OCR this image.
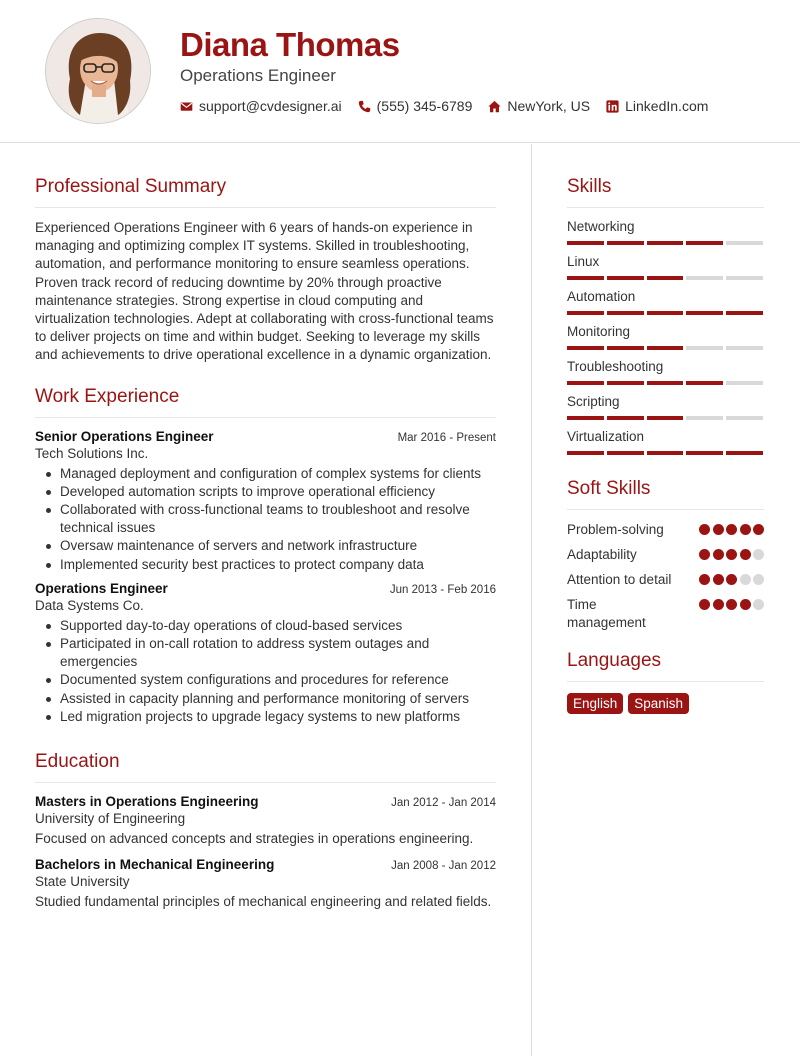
Diana Thomas
Operations Engineer
support@cvdesigner.ai	(555) 345-6789	NewYork, US	LinkedIn.com
Professional Summary
Experienced Operations Engineer with 6 years of hands-on experience in managing and optimizing complex IT systems. Skilled in troubleshooting, automation, and performance monitoring to ensure seamless operations. Proven track record of reducing downtime by 20% through proactive maintenance strategies. Strong expertise in cloud computing and virtualization technologies. Adept at collaborating with cross-functional teams to deliver projects on time and within budget. Seeking to leverage my skills and achievements to drive operational excellence in a dynamic organization.
Work Experience
Senior Operations Engineer	Mar 2016 - Present
Tech Solutions Inc.
Managed deployment and configuration of complex systems for clients
Developed automation scripts to improve operational efficiency
Collaborated with cross-functional teams to troubleshoot and resolve technical issues
Oversaw maintenance of servers and network infrastructure
Implemented security best practices to protect company data
Operations Engineer	Jun 2013 - Feb 2016
Data Systems Co.
Supported day-to-day operations of cloud-based services
Participated in on-call rotation to address system outages and emergencies
Documented system configurations and procedures for reference
Assisted in capacity planning and performance monitoring of servers
Led migration projects to upgrade legacy systems to new platforms
Education
Masters in Operations Engineering	Jan 2012 - Jan 2014
University of Engineering
Focused on advanced concepts and strategies in operations engineering.
Bachelors in Mechanical Engineering	Jan 2008 - Jan 2012
State University
Studied fundamental principles of mechanical engineering and related fields.
Skills
Networking
Linux
Automation
Monitoring
Troubleshooting
Scripting
Virtualization
Soft Skills
Problem-solving
Adaptability
Attention to detail
Time management
Languages
English	Spanish
